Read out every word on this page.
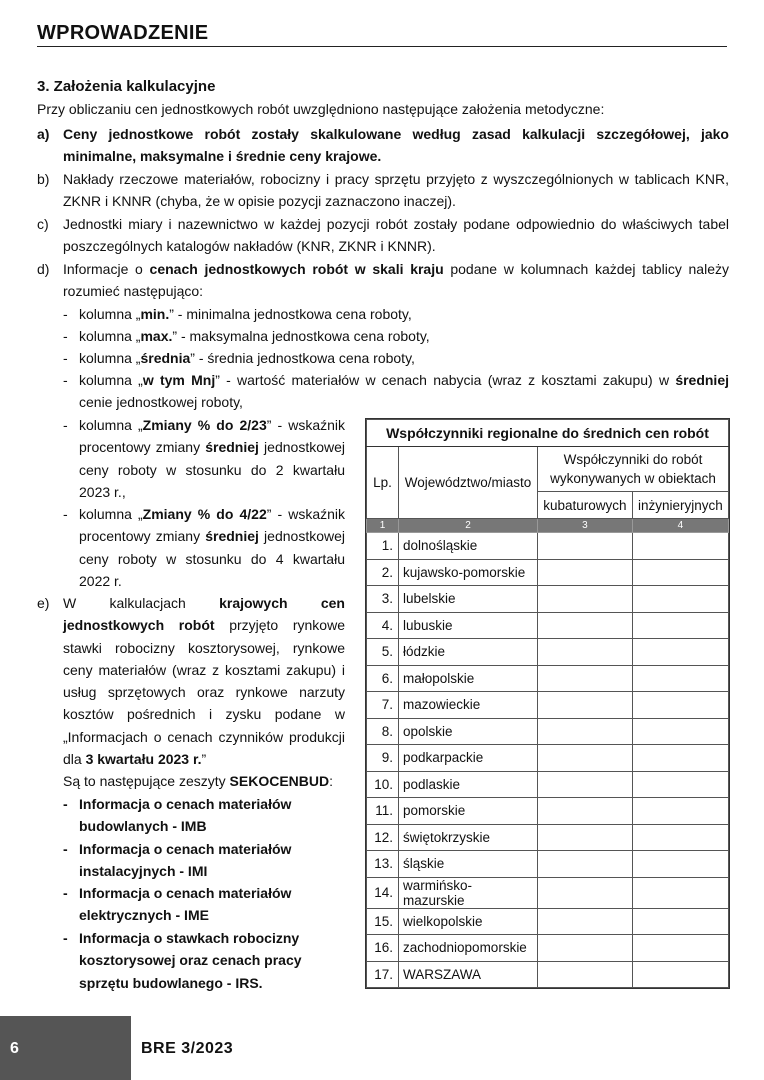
WPROWADZENIE
3. Założenia kalkulacyjne
Przy obliczaniu cen jednostkowych robót uwzględniono następujące założenia metodyczne:
a) Ceny jednostkowe robót zostały skalkulowane według zasad kalkulacji szczegółowej, jako minimalne, maksymalne i średnie ceny krajowe.
b) Nakłady rzeczowe materiałów, robocizny i pracy sprzętu przyjęto z wyszczególnionych w tablicach KNR, ZKNR i KNNR (chyba, że w opisie pozycji zaznaczono inaczej).
c) Jednostki miary i nazewnictwo w każdej pozycji robót zostały podane odpowiednio do właściwych tabel poszczególnych katalogów nakładów (KNR, ZKNR i KNNR).
d) Informacje o cenach jednostkowych robót w skali kraju podane w kolumnach każdej tablicy należy rozumieć następująco:
- kolumna „min.” - minimalna jednostkowa cena roboty,
- kolumna „max.” - maksymalna jednostkowa cena roboty,
- kolumna „średnia” - średnia jednostkowa cena roboty,
- kolumna „w tym Mnj” - wartość materiałów w cenach nabycia (wraz z kosztami zakupu) w średniej cenie jednostkowej roboty,
- kolumna „Zmiany % do 2/23” - wskaźnik procentowy zmiany średniej jednostkowej ceny roboty w stosunku do 2 kwartału 2023 r.,
- kolumna „Zmiany % do 4/22” - wskaźnik procentowy zmiany średniej jednostkowej ceny roboty w stosunku do 4 kwartału 2022 r.
e) W kalkulacjach krajowych cen jednostkowych robót przyjęto rynkowe stawki robocizny kosztorysowej, rynkowe ceny materiałów (wraz z kosztami zakupu) i usług sprzętowych oraz rynkowe narzuty kosztów pośrednich i zysku podane w „Informacjach o cenach czynników produkcji dla 3 kwartału 2023 r.”
Są to następujące zeszyty SEKOCENBUD:
- Informacja o cenach materiałów budowlanych - IMB
- Informacja o cenach materiałów instalacyjnych - IMI
- Informacja o cenach materiałów elektrycznych - IME
- Informacja o stawkach robocizny kosztorysowej oraz cenach pracy sprzętu budowlanego - IRS.
Współczynniki regionalne do średnich cen robót			
Lp.	Województwo/miasto	Współczynniki do robót wykonywanych w obiektach	
		kubaturowych	inżynieryjnych
1	2	3	4
1.	dolnośląskie		
2.	kujawsko-pomorskie		
3.	lubelskie		
4.	lubuskie		
5.	łódzkie		
6.	małopolskie		
7.	mazowieckie		
8.	opolskie		
9.	podkarpackie		
10.	podlaskie		
11.	pomorskie		
12.	świętokrzyskie		
13.	śląskie		
14.	warmińsko-mazurskie		
15.	wielkopolskie		
16.	zachodniopomorskie		
17.	WARSZAWA		
6	BRE 3/2023
